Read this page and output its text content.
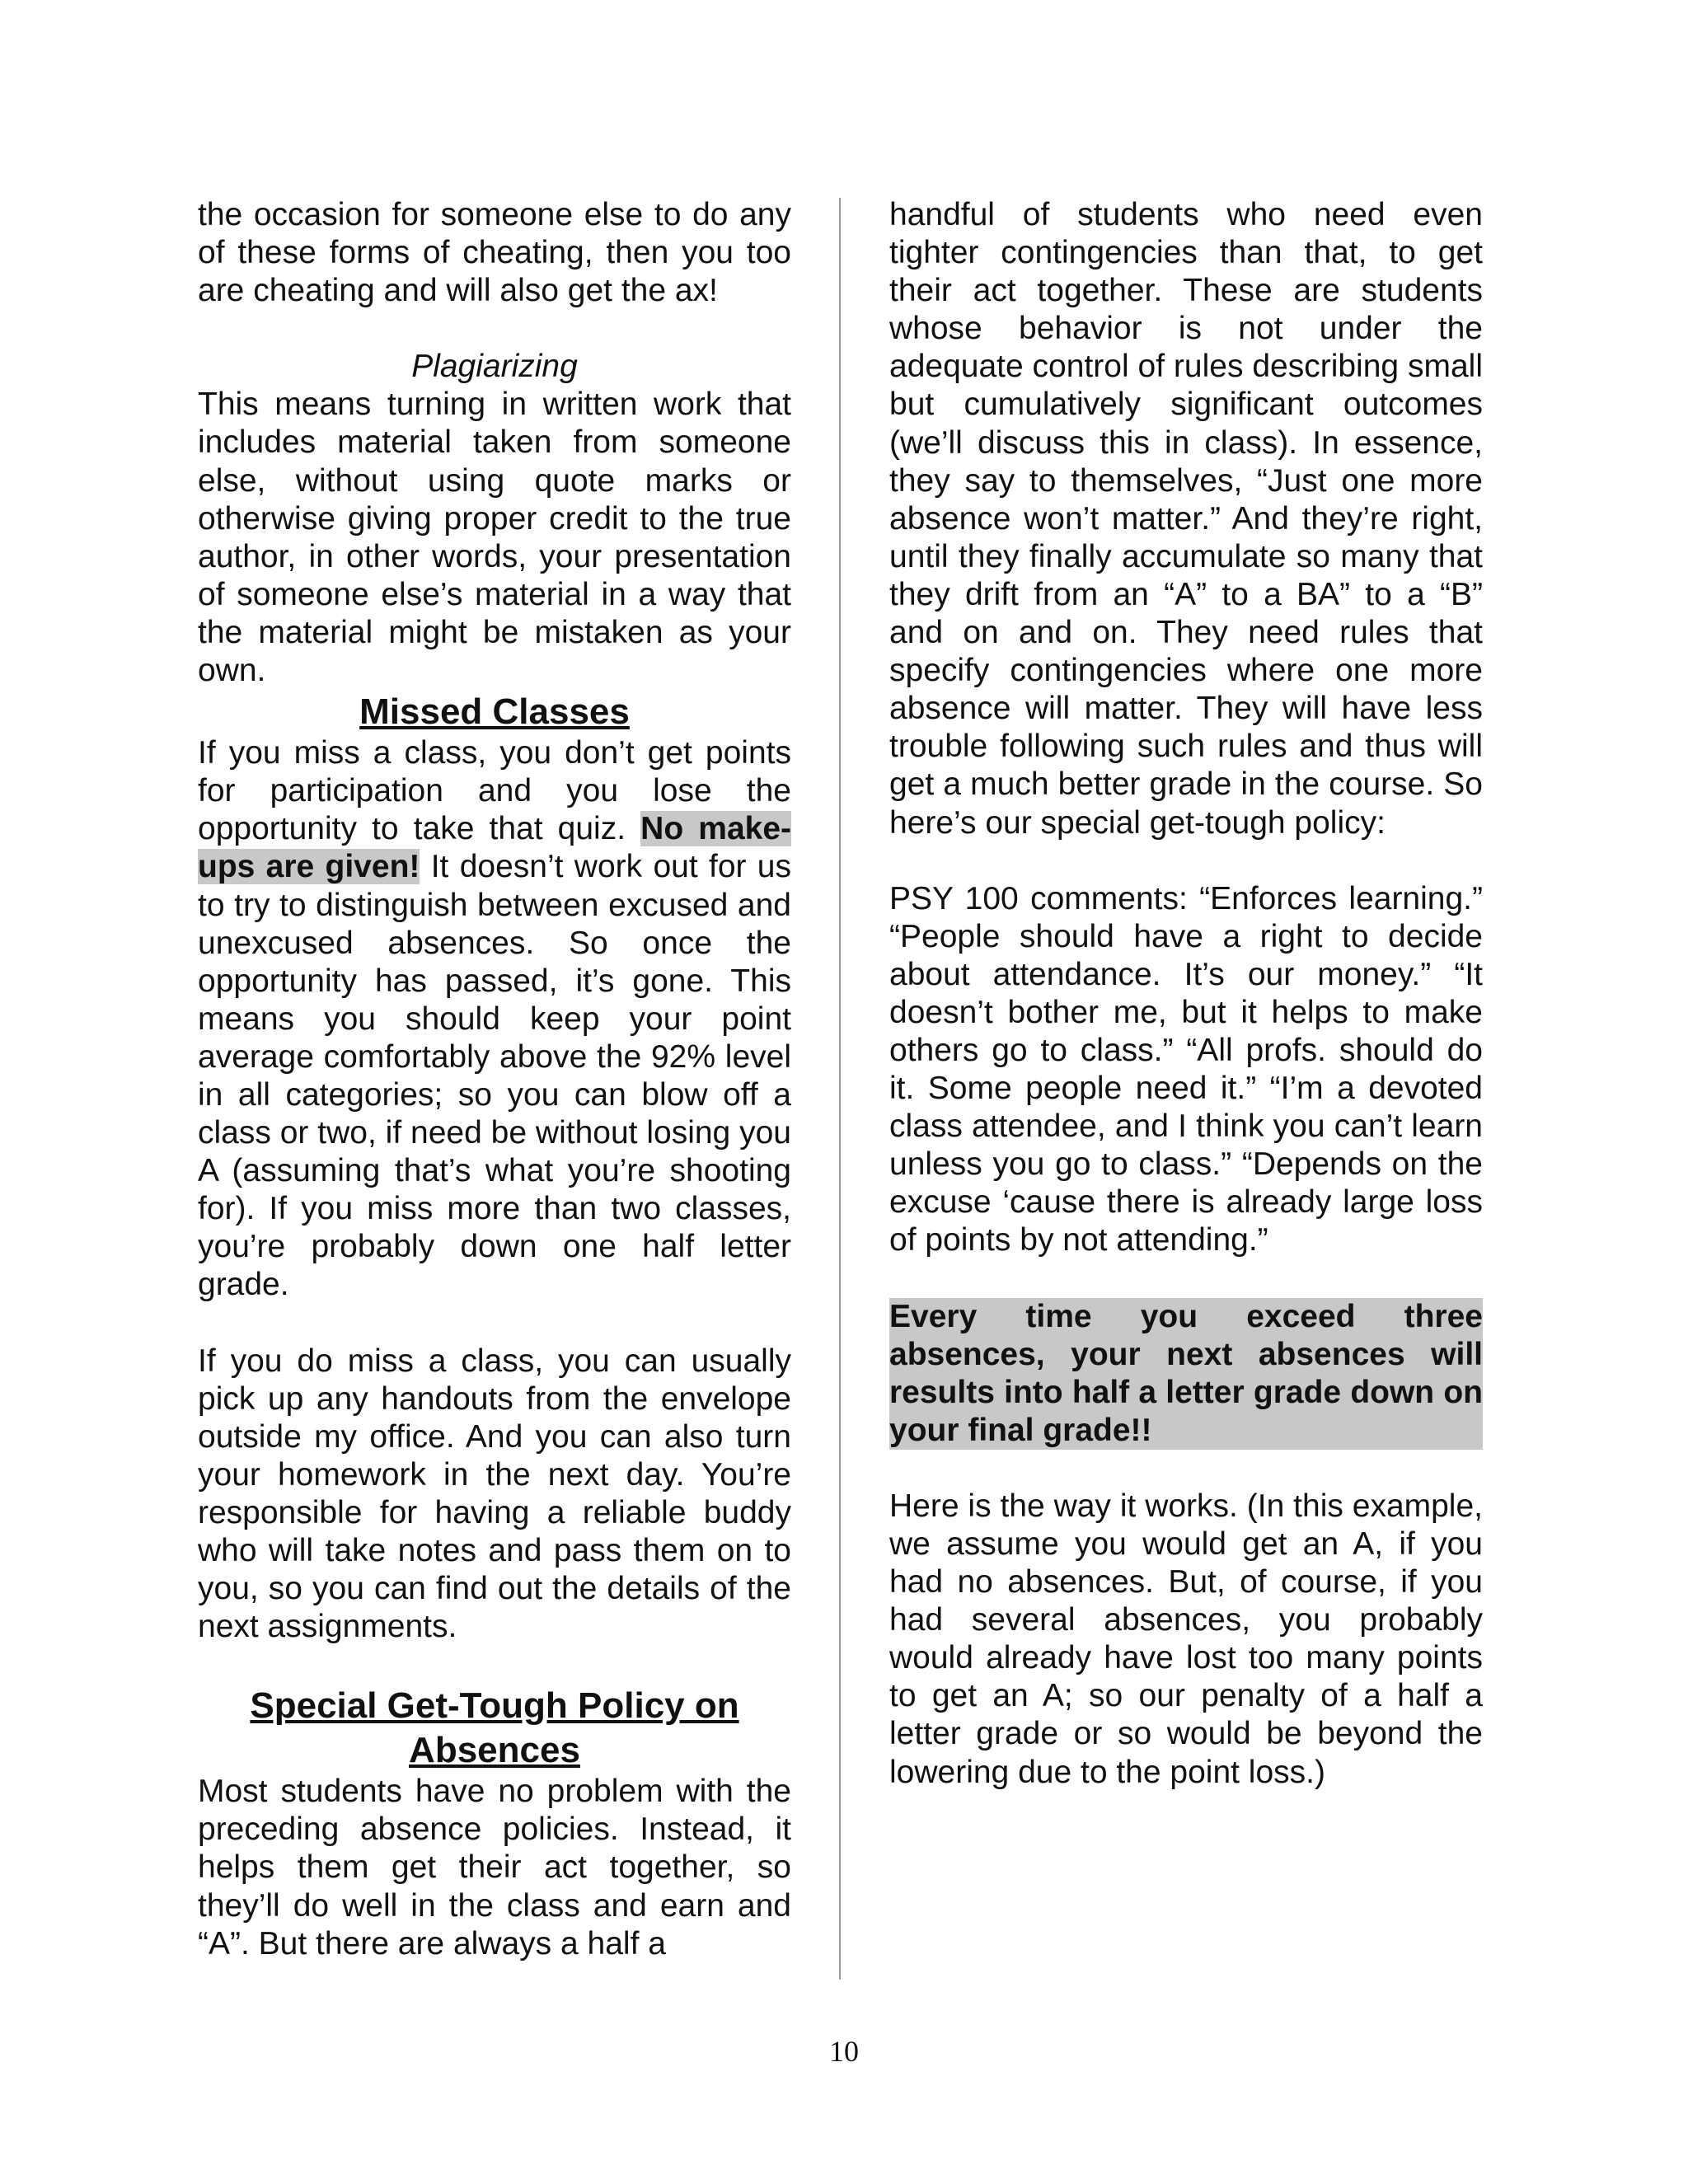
the occasion for someone else to do any of these forms of cheating, then you too are cheating and will also get the ax!

Plagiarizing

This means turning in written work that includes material taken from someone else, without using quote marks or otherwise giving proper credit to the true author, in other words, your presentation of someone else’s material in a way that the material might be mistaken as your own.

Missed Classes

If you miss a class, you don’t get points for participation and you lose the opportunity to take that quiz. No make-ups are given! It doesn’t work out for us to try to distinguish between excused and unexcused absences. So once the opportunity has passed, it’s gone. This means you should keep your point average comfortably above the 92% level in all categories; so you can blow off a class or two, if need be without losing you A (assuming that’s what you’re shooting for). If you miss more than two classes, you’re probably down one half letter grade.

If you do miss a class, you can usually pick up any handouts from the envelope outside my office. And you can also turn your homework in the next day. You’re responsible for having a reliable buddy who will take notes and pass them on to you, so you can find out the details of the next assignments.

Special Get-Tough Policy on Absences

Most students have no problem with the preceding absence policies. Instead, it helps them get their act together, so they’ll do well in the class and earn and “A”. But there are always a half a

handful of students who need even tighter contingencies than that, to get their act together. These are students whose behavior is not under the adequate control of rules describing small but cumulatively significant outcomes (we’ll discuss this in class). In essence, they say to themselves, “Just one more absence won’t matter.” And they’re right, until they finally accumulate so many that they drift from an “A” to a BA” to a “B” and on and on. They need rules that specify contingencies where one more absence will matter. They will have less trouble following such rules and thus will get a much better grade in the course. So here’s our special get-tough policy:

PSY 100 comments: “Enforces learning.” “People should have a right to decide about attendance. It’s our money.” “It doesn’t bother me, but it helps to make others go to class.” “All profs. should do it. Some people need it.” “I’m a devoted class attendee, and I think you can’t learn unless you go to class.” “Depends on the excuse ‘cause there is already large loss of points by not attending.”

Every time you exceed three absences, your next absences will results into half a letter grade down on your final grade!!

Here is the way it works. (In this example, we assume you would get an A, if you had no absences. But, of course, if you had several absences, you probably would already have lost too many points to get an A; so our penalty of a half a letter grade or so would be beyond the lowering due to the point loss.)

10
